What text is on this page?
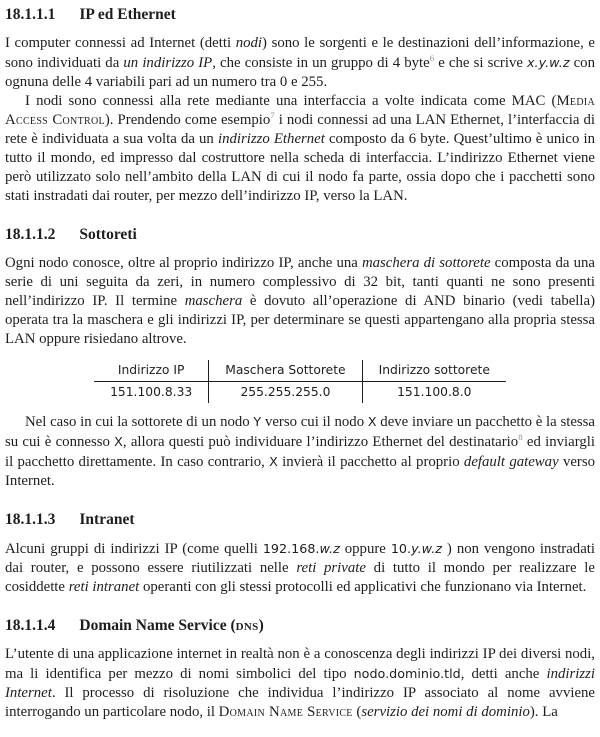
18.1.1.1 IP ed Ethernet

I computer connessi ad Internet (detti nodi) sono le sorgenti e le destinazioni dell’informazione, e sono individuati da un indirizzo IP, che consiste in un gruppo di 4 byte$^6$ e che si scrive x.y.w.z con ognuna delle 4 variabili pari ad un numero tra 0 e 255.

I nodi sono connessi alla rete mediante una interfaccia a volte indicata come MAC (Media Access Control). Prendendo come esempio$^7$ i nodi connessi ad una LAN Ethernet, l’interfaccia di rete è individuata a sua volta da un indirizzo Ethernet composto da 6 byte. Quest’ultimo è unico in tutto il mondo, ed impresso dal costruttore nella scheda di interfaccia. L’indirizzo Ethernet viene però utilizzato solo nell’ambito della LAN di cui il nodo fa parte, ossia dopo che i pacchetti sono stati instradati dai router, per mezzo dell’indirizzo IP, verso la LAN.

18.1.1.2 Sottoreti

Ogni nodo conosce, oltre al proprio indirizzo IP, anche una maschera di sottorete composta da una serie di uni seguita da zeri, in numero complessivo di 32 bit, tanti quanti ne sono presenti nell’indirizzo IP. Il termine maschera è dovuto all’operazione di AND binario (vedi tabella) operata tra la maschera e gli indirizzi IP, per determinare se questi appartengano alla propria stessa LAN oppure risiedano altrove.

Indirizzo IP	Maschera Sottorete	Indirizzo sottorete
151.100.8.33	255.255.255.0	151.100.8.0

Nel caso in cui la sottorete di un nodo Y verso cui il nodo X deve inviare un pacchetto è la stessa su cui è connesso X, allora questi può individuare l’indirizzo Ethernet del destinatario$^8$ ed inviargli il pacchetto direttamente. In caso contrario, X invierà il pacchetto al proprio default gateway verso Internet.

18.1.1.3 Intranet

Alcuni gruppi di indirizzi IP (come quelli 192.168.w.z oppure 10.y.w.z ) non vengono instradati dai router, e possono essere riutilizzati nelle reti private di tutto il mondo per realizzare le cosiddette reti intranet operanti con gli stessi protocolli ed applicativi che funzionano via Internet.

18.1.1.4 Domain Name Service (dns)

L’utente di una applicazione internet in realtà non è a conoscenza degli indirizzi IP dei diversi nodi, ma li identifica per mezzo di nomi simbolici del tipo nodo.dominio.tld, detti anche indirizzi Internet. Il processo di risoluzione che individua l’indirizzo IP associato al nome avviene interrogando un particolare nodo, il Domain Name Service (servizio dei nomi di dominio). La
